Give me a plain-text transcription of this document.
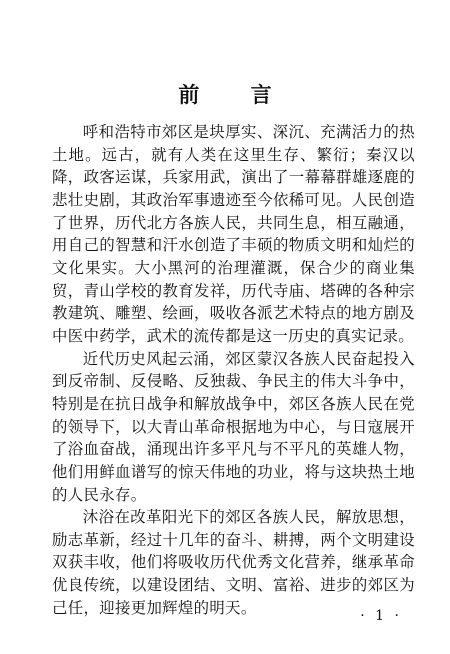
前 言

呼和浩特市郊区是块厚实、深沉、充满活力的热土地。远古，就有人类在这里生存、繁衍；秦汉以降，政客运谋，兵家用武，演出了一幕幕群雄逐鹿的悲壮史剧，其政治军事遗迹至今依稀可见。人民创造了世界，历代北方各族人民，共同生息，相互融通，用自己的智慧和汗水创造了丰硕的物质文明和灿烂的文化果实。大小黑河的治理灌溉，保合少的商业集贸，青山学校的教育发祥，历代寺庙、塔碑的各种宗教建筑、雕塑、绘画，吸收各派艺术特点的地方剧及中医中药学，武术的流传都是这一历史的真实记录。

近代历史风起云涌，郊区蒙汉各族人民奋起投入到反帝制、反侵略、反独裁、争民主的伟大斗争中，特别是在抗日战争和解放战争中，郊区各族人民在党的领导下，以大青山革命根据地为中心，与日寇展开了浴血奋战，涌现出许多平凡与不平凡的英雄人物，他们用鲜血谱写的惊天伟地的功业，将与这块热土地的人民永存。

沐浴在改革阳光下的郊区各族人民，解放思想，励志革新，经过十几年的奋斗、耕搏，两个文明建设双获丰收，他们将吸收历代优秀文化营养，继承革命优良传统，以建设团结、文明、富裕、进步的郊区为己任，迎接更加辉煌的明天。	· 1 ·
